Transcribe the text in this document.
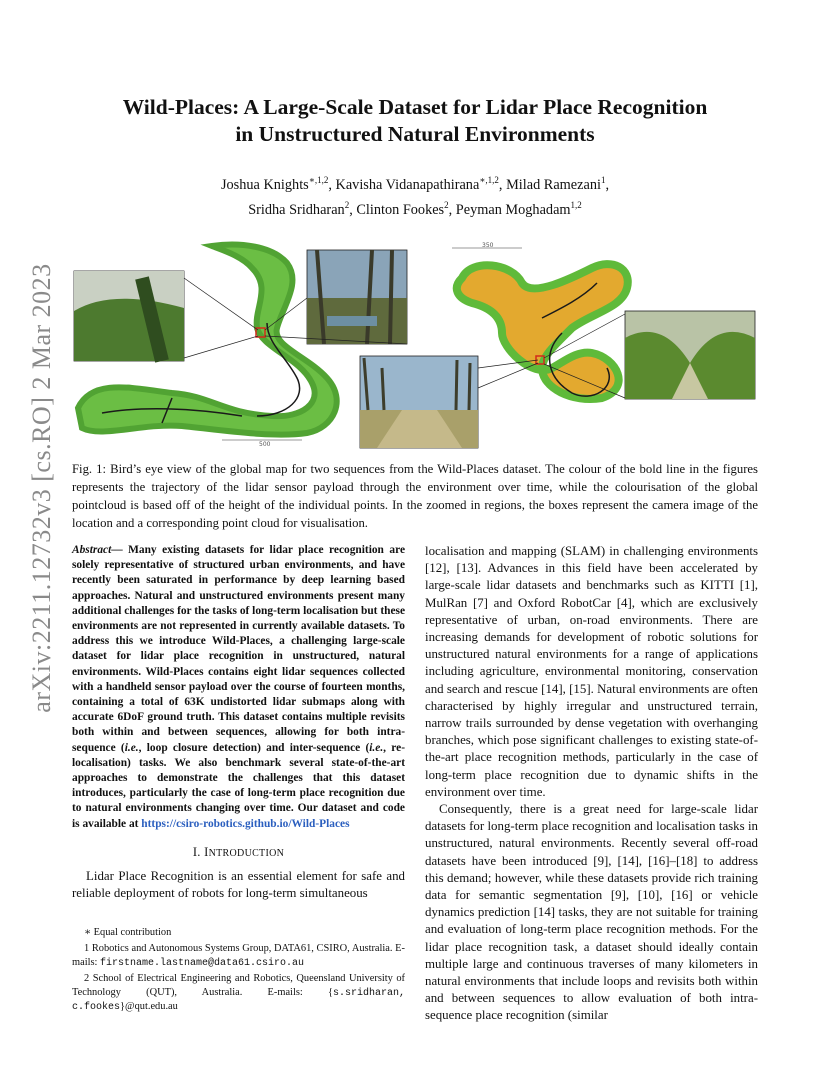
arXiv:2211.12732v3 [cs.RO] 2 Mar 2023
Wild-Places: A Large-Scale Dataset for Lidar Place Recognition
in Unstructured Natural Environments
Joshua Knights$^{∗,1,2}$, Kavisha Vidanapathirana$^{∗,1,2}$, Milad Ramezani$^1$,
Sridha Sridharan$^2$, Clinton Fookes$^2$, Peyman Moghadam$^{1,2}$
500
350
Fig. 1: Bird’s eye view of the global map for two sequences from the Wild-Places dataset. The colour of the bold line in the figures represents the trajectory of the lidar sensor payload through the environment over time, while the colourisation of the global pointcloud is based off of the height of the individual points. In the zoomed in regions, the boxes represent the camera image of the location and a corresponding point cloud for visualisation.
Abstract— Many existing datasets for lidar place recognition are solely representative of structured urban environments, and have recently been saturated in performance by deep learning based approaches. Natural and unstructured environments present many additional challenges for the tasks of long-term localisation but these environments are not represented in currently available datasets. To address this we introduce Wild-Places, a challenging large-scale dataset for lidar place recognition in unstructured, natural environments. Wild-Places contains eight lidar sequences collected with a handheld sensor payload over the course of fourteen months, containing a total of 63K undistorted lidar submaps along with accurate 6DoF ground truth. This dataset contains multiple revisits both within and between sequences, allowing for both intra-sequence (i.e., loop closure detection) and inter-sequence (i.e., re-localisation) tasks. We also benchmark several state-of-the-art approaches to demonstrate the challenges that this dataset introduces, particularly the case of long-term place recognition due to natural environments changing over time. Our dataset and code is available at https://csiro-robotics.github.io/Wild-Places
I. INTRODUCTION

Lidar Place Recognition is an essential element for safe and reliable deployment of robots for long-term simultaneous

∗ Equal contribution

1 Robotics and Autonomous Systems Group, DATA61, CSIRO, Australia. E-mails: firstname.lastname@data61.csiro.au

2 School of Electrical Engineering and Robotics, Queensland University of Technology (QUT), Australia. E-mails: {s.sridharan, c.fookes}@qut.edu.au

localisation and mapping (SLAM) in challenging environments [12], [13]. Advances in this field have been accelerated by large-scale lidar datasets and benchmarks such as KITTI [1], MulRan [7] and Oxford RobotCar [4], which are exclusively representative of urban, on-road environments. There are increasing demands for development of robotic solutions for unstructured natural environments for a range of applications including agriculture, environmental monitoring, conservation and search and rescue [14], [15]. Natural environments are often characterised by highly irregular and unstructured terrain, narrow trails surrounded by dense vegetation with overhanging branches, which pose significant challenges to existing state-of-the-art place recognition methods, particularly in the case of long-term place recognition due to dynamic shifts in the environment over time.

Consequently, there is a great need for large-scale lidar datasets for long-term place recognition and localisation tasks in unstructured, natural environments. Recently several off-road datasets have been introduced [9], [14], [16]–[18] to address this demand; however, while these datasets provide rich training data for semantic segmentation [9], [10], [16] or vehicle dynamics prediction [14] tasks, they are not suitable for training and evaluation of long-term place recognition methods. For the lidar place recognition task, a dataset should ideally contain multiple large and continuous traverses of many kilometers in natural environments that include loops and revisits both within and between sequences to allow evaluation of both intra-sequence place recognition (similar
